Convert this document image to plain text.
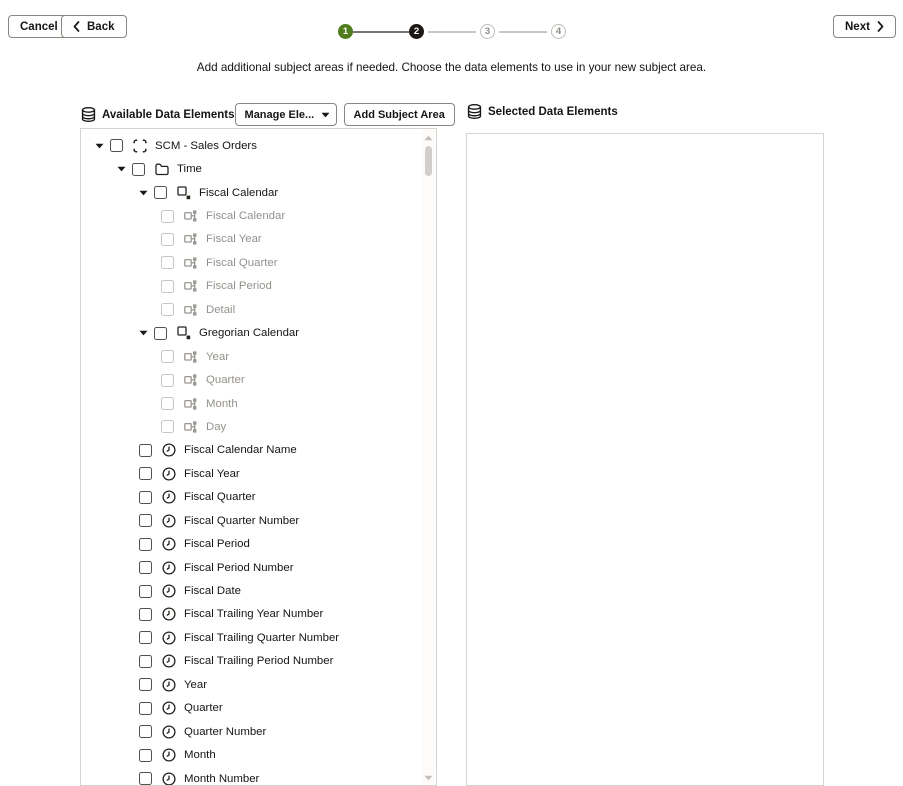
Cancel	Back	Next
1	2	3	4
Add additional subject areas if needed. Choose the data elements to use in your new subject area.
Available Data Elements Manage Ele...	Add Subject Area	Selected Data Elements
SCM - Sales Orders
Time
Fiscal Calendar
Fiscal Calendar
Fiscal Year
Fiscal Quarter
Fiscal Period
Detail
Gregorian Calendar
Year
Quarter
Month
Day
Fiscal Calendar Name
Fiscal Year
Fiscal Quarter
Fiscal Quarter Number
Fiscal Period
Fiscal Period Number
Fiscal Date
Fiscal Trailing Year Number
Fiscal Trailing Quarter Number
Fiscal Trailing Period Number
Year
Quarter
Quarter Number
Month
Month Number
